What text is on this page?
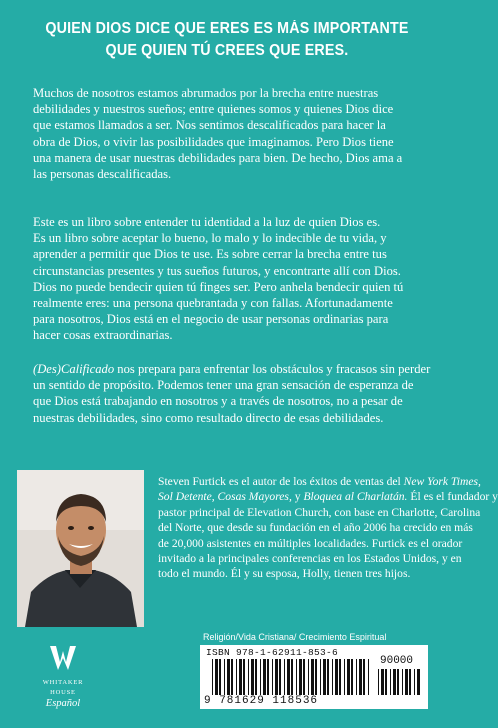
QUIEN DIOS DICE QUE ERES ES MÁS IMPORTANTE
QUE QUIEN TÚ CREES QUE ERES.
Muchos de nosotros estamos abrumados por la brecha entre nuestras
debilidades y nuestros sueños; entre quienes somos y quienes Dios dice
que estamos llamados a ser. Nos sentimos descalificados para hacer la
obra de Dios, o vivir las posibilidades que imaginamos. Pero Dios tiene
una manera de usar nuestras debilidades para bien. De hecho, Dios ama a
las personas descalificadas.
Este es un libro sobre entender tu identidad a la luz de quien Dios es.
Es un libro sobre aceptar lo bueno, lo malo y lo indecible de tu vida, y
aprender a permitir que Dios te use. Es sobre cerrar la brecha entre tus
circunstancias presentes y tus sueños futuros, y encontrarte allí con Dios.
Dios no puede bendecir quien tú finges ser. Pero anhela bendecir quien tú
realmente eres: una persona quebrantada y con fallas. Afortunadamente
para nosotros, Dios está en el negocio de usar personas ordinarias para
hacer cosas extraordinarias.
(Des)Calificado nos prepara para enfrentar los obstáculos y fracasos sin perder
un sentido de propósito. Podemos tener una gran sensación de esperanza de
que Dios está trabajando en nosotros y a través de nosotros, no a pesar de
nuestras debilidades, sino como resultado directo de esas debilidades.
Steven Furtick es el autor de los éxitos de ventas del New York Times,
Sol Detente, Cosas Mayores, y Bloquea al Charlatán. Él es el fundador y
pastor principal de Elevation Church, con base en Charlotte, Carolina
del Norte, que desde su fundación en el año 2006 ha crecido en más
de 20,000 asistentes en múltiples localidades. Furtick es el orador
invitado a la principales conferencias en los Estados Unidos, y en
todo el mundo. Él y su esposa, Holly, tienen tres hijos.
WHITAKER
HOUSE
Español
Religión/Vida Cristiana/ Crecimiento Espiritual
ISBN 978-1-62911-853-6
90000
9 781629 118536
